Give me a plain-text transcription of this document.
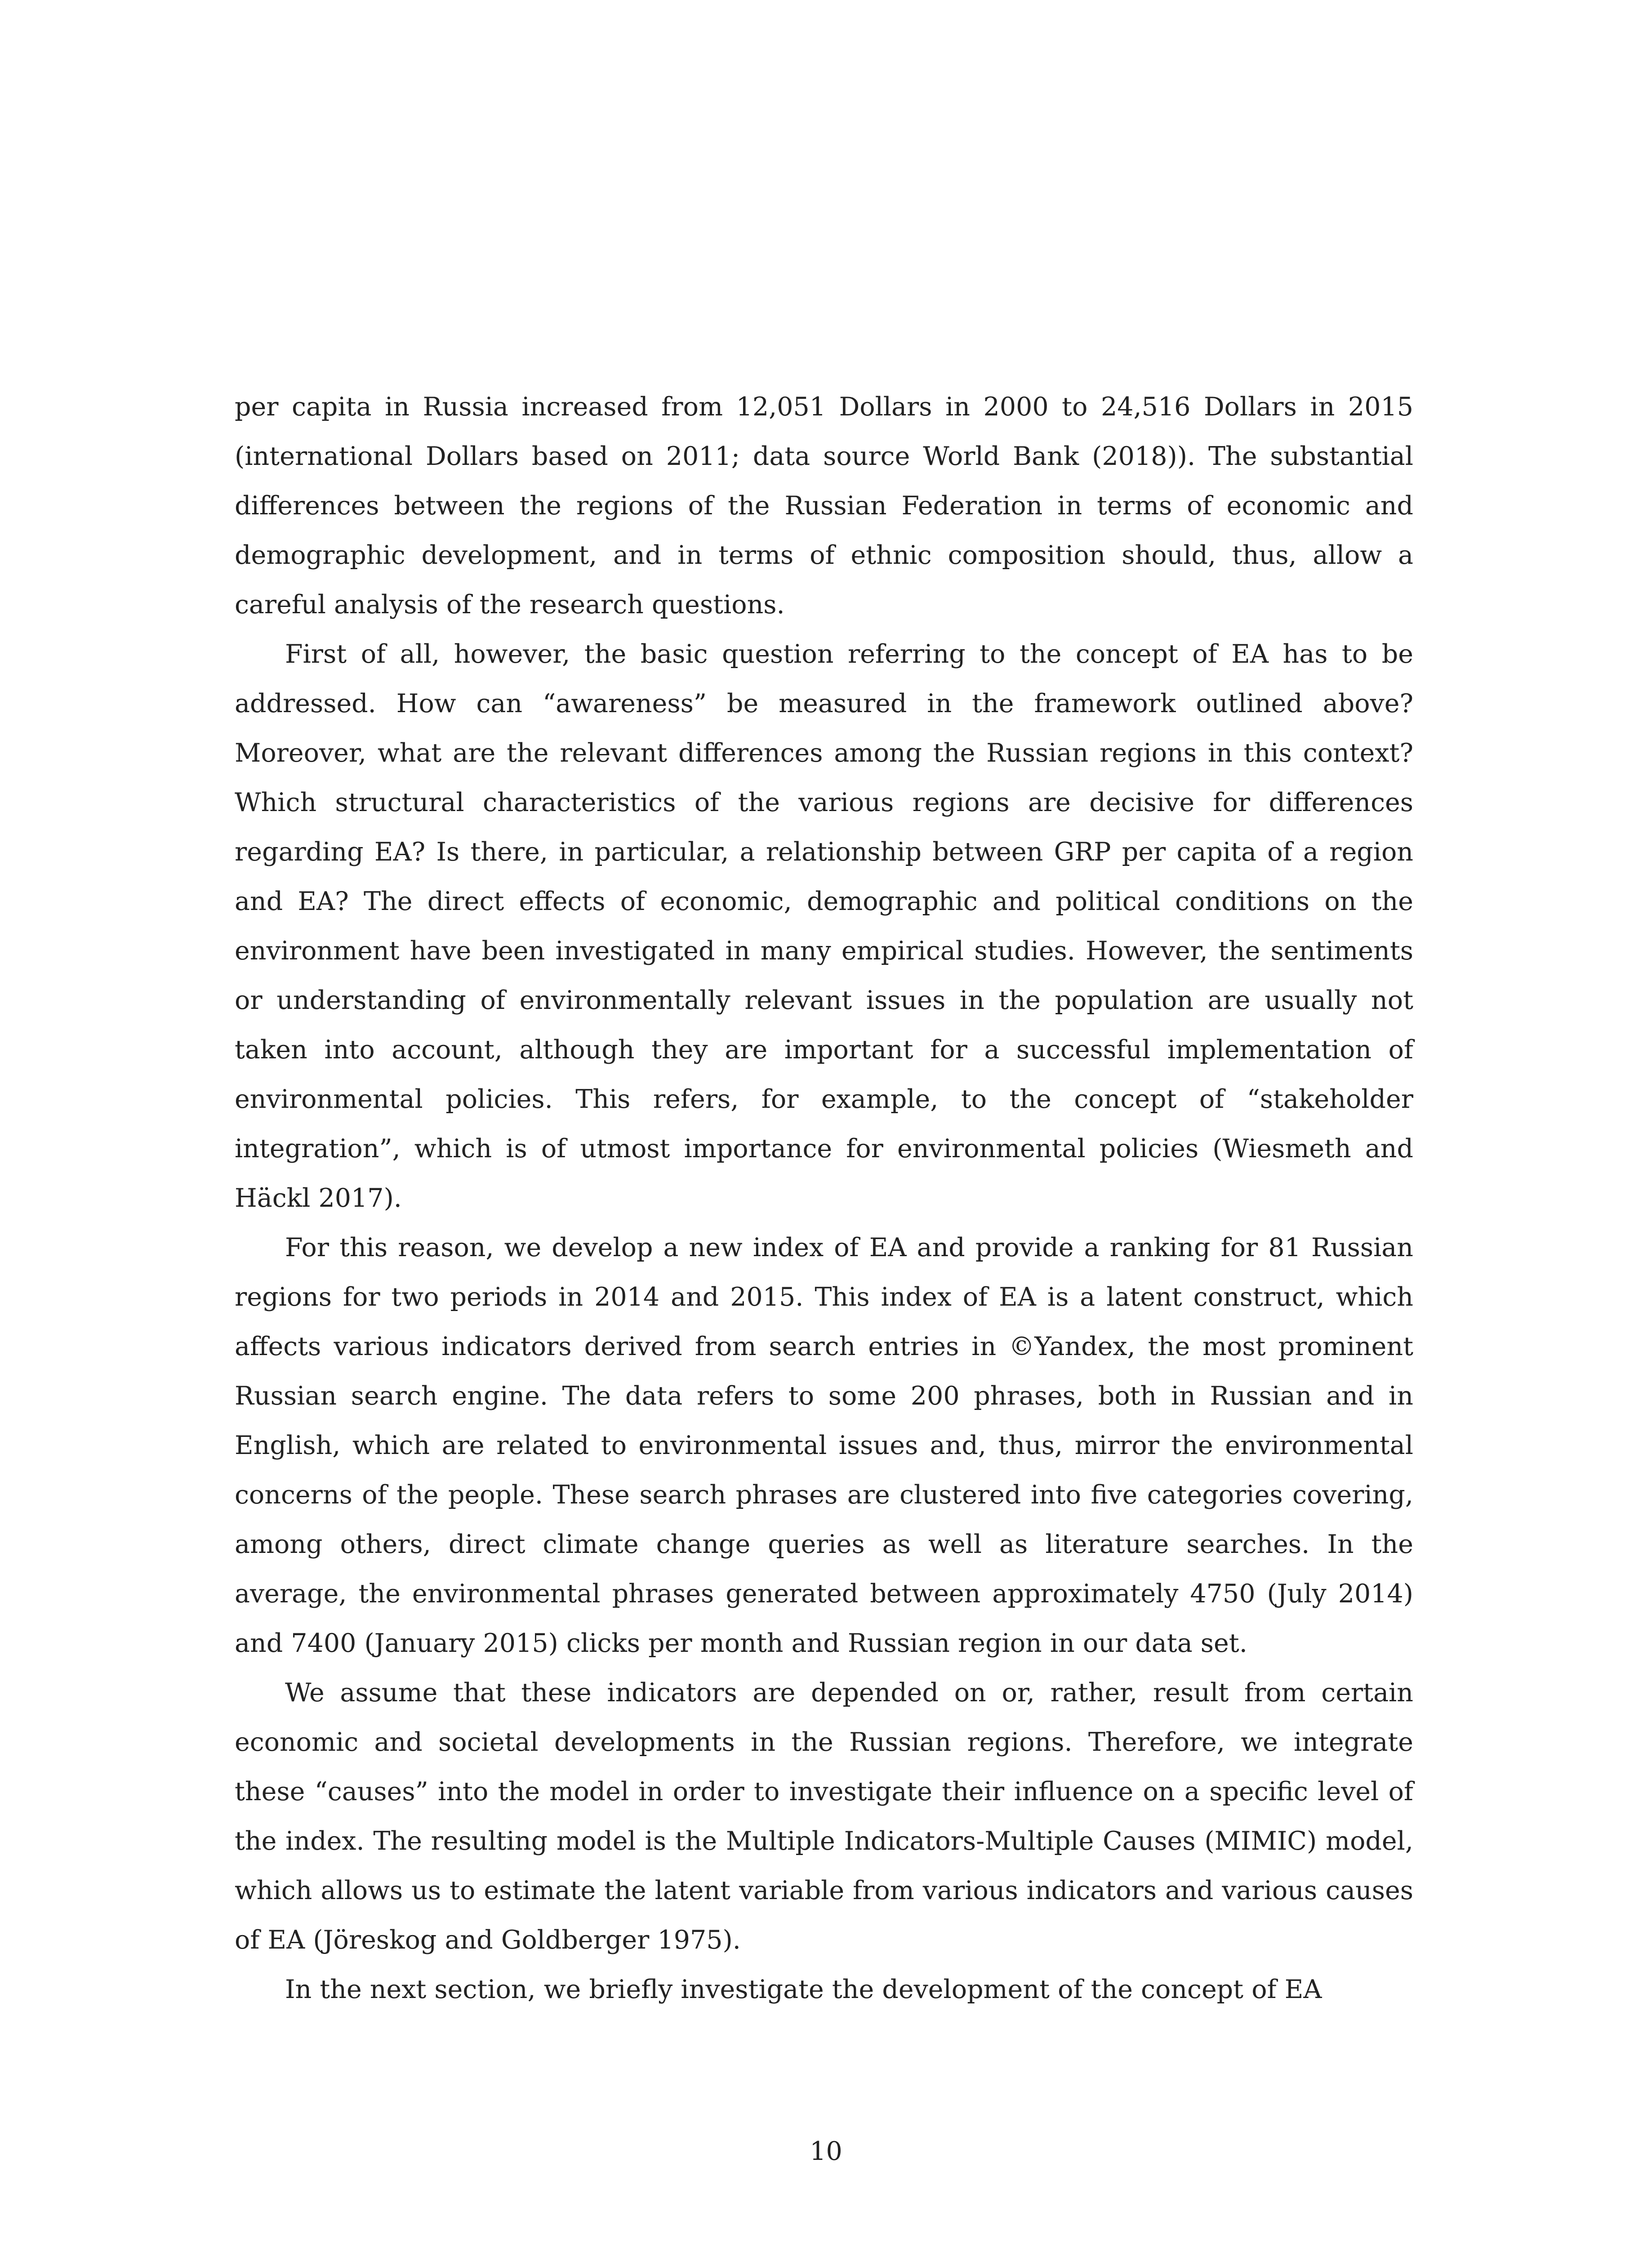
per capita in Russia increased from 12,051 Dollars in 2000 to 24,516 Dollars in 2015 (international Dollars based on 2011; data source World Bank (2018)). The substantial differences between the regions of the Russian Federation in terms of economic and demographic development, and in terms of ethnic composition should, thus, allow a careful analysis of the research questions.

First of all, however, the basic question referring to the concept of EA has to be addressed. How can “awareness” be measured in the framework outlined above? Moreover, what are the relevant differences among the Russian regions in this context? Which structural characteristics of the various regions are decisive for differences regarding EA? Is there, in particular, a relationship between GRP per capita of a region and EA? The direct effects of economic, demographic and political conditions on the environment have been investigated in many empirical studies. However, the sentiments or understanding of environmentally relevant issues in the population are usually not taken into account, although they are important for a successful implementation of environmental policies. This refers, for example, to the concept of “stakeholder integration”, which is of utmost importance for environmental policies (Wiesmeth and Häckl 2017).

For this reason, we develop a new index of EA and provide a ranking for 81 Russian regions for two periods in 2014 and 2015. This index of EA is a latent construct, which affects various indicators derived from search entries in ©Yandex, the most prominent Russian search engine. The data refers to some 200 phrases, both in Russian and in English, which are related to environmental issues and, thus, mirror the environmental concerns of the people. These search phrases are clustered into five categories covering, among others, direct climate change queries as well as literature searches. In the average, the environmental phrases generated between approximately 4750 (July 2014) and 7400 (January 2015) clicks per month and Russian region in our data set.

We assume that these indicators are depended on or, rather, result from certain economic and societal developments in the Russian regions. Therefore, we integrate these “causes” into the model in order to investigate their influence on a specific level of the index. The resulting model is the Multiple Indicators-Multiple Causes (MIMIC) model, which allows us to estimate the latent variable from various indicators and various causes of EA (Jöreskog and Goldberger 1975).

In the next section, we briefly investigate the development of the concept of EA

10
